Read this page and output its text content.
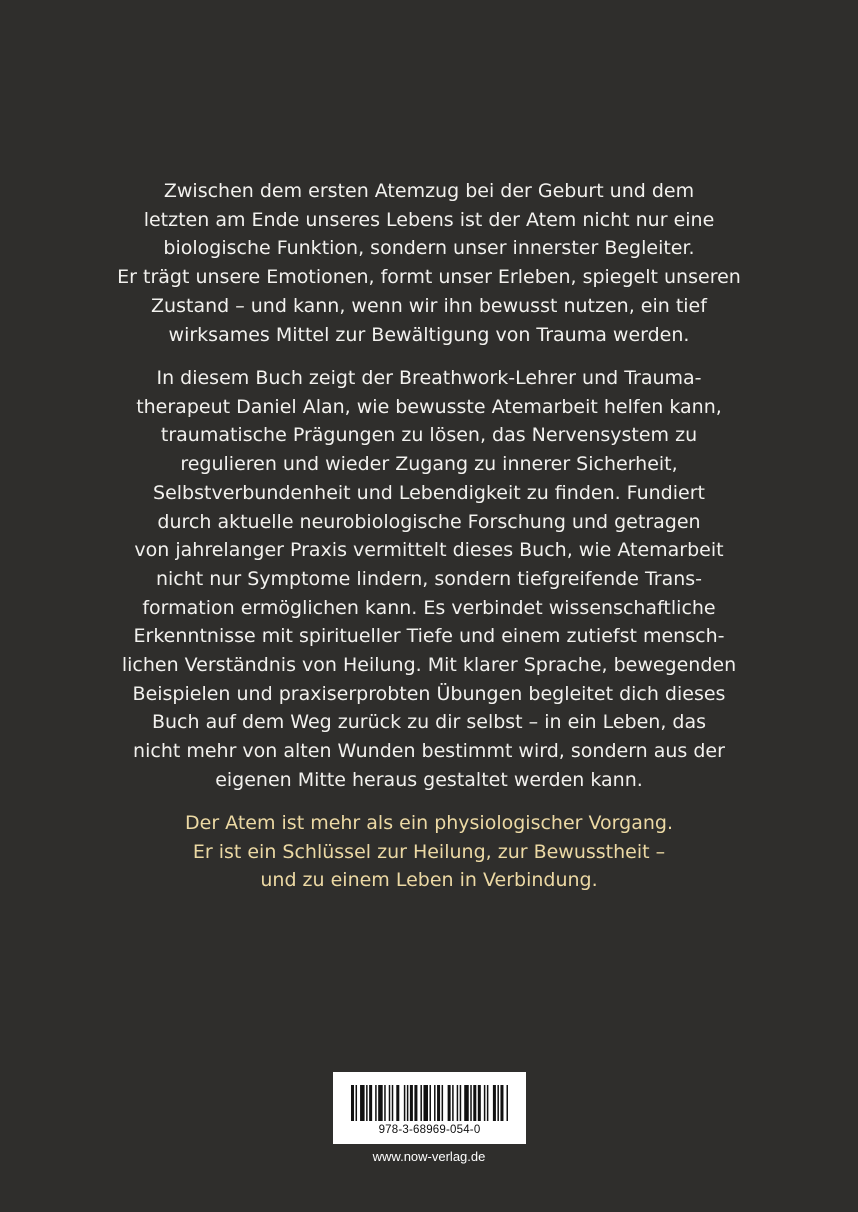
Zwischen dem ersten Atemzug bei der Geburt und dem
letzten am Ende unseres Lebens ist der Atem nicht nur eine
biologische Funktion, sondern unser innerster Begleiter.
Er trägt unsere Emotionen, formt unser Erleben, spiegelt unseren
Zustand – und kann, wenn wir ihn bewusst nutzen, ein tief
wirksames Mittel zur Bewältigung von Trauma werden.
In diesem Buch zeigt der Breathwork-Lehrer und Trauma-
therapeut Daniel Alan, wie bewusste Atemarbeit helfen kann,
traumatische Prägungen zu lösen, das Nervensystem zu
regulieren und wieder Zugang zu innerer Sicherheit,
Selbstverbundenheit und Lebendigkeit zu finden. Fundiert
durch aktuelle neurobiologische Forschung und getragen
von jahrelanger Praxis vermittelt dieses Buch, wie Atemarbeit
nicht nur Symptome lindern, sondern tiefgreifende Trans-
formation ermöglichen kann. Es verbindet wissenschaftliche
Erkenntnisse mit spiritueller Tiefe und einem zutiefst mensch-
lichen Verständnis von Heilung. Mit klarer Sprache, bewegenden
Beispielen und praxiserprobten Übungen begleitet dich dieses
Buch auf dem Weg zurück zu dir selbst – in ein Leben, das
nicht mehr von alten Wunden bestimmt wird, sondern aus der
eigenen Mitte heraus gestaltet werden kann.
Der Atem ist mehr als ein physiologischer Vorgang.
Er ist ein Schlüssel zur Heilung, zur Bewusstheit –
und zu einem Leben in Verbindung.
978-3-68969-054-0
www.now-verlag.de
